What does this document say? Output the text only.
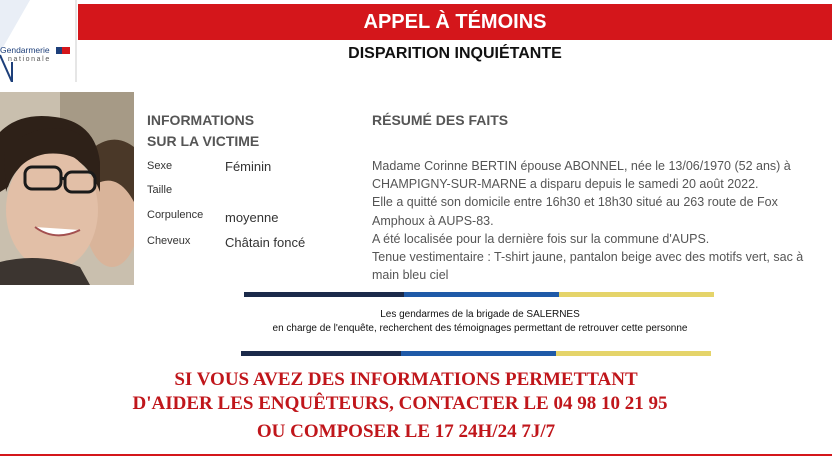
Gendarmerie
nationale
APPEL À TÉMOINS
DISPARITION INQUIÉTANTE
INFORMATIONS
SUR LA VICTIME
Sexe	Féminin
Taille
Corpulence moyenne
Cheveux	Châtain foncé
RÉSUMÉ DES FAITS
Madame Corinne BERTIN épouse ABONNEL, née le 13/06/1970 (52 ans) à
CHAMPIGNY-SUR-MARNE a disparu depuis le samedi 20 août 2022.
Elle a quitté son domicile entre 16h30 et 18h30 situé au 263 route de Fox
Amphoux à AUPS-83.
A été localisée pour la dernière fois sur la commune d'AUPS.
Tenue vestimentaire : T-shirt jaune, pantalon beige avec des motifs vert, sac à
main bleu ciel
Les gendarmes de la brigade de SALERNES
en charge de l'enquête, recherchent des témoignages permettant de retrouver cette personne
SI VOUS AVEZ DES INFORMATIONS PERMETTANT
D'AIDER LES ENQUÊTEURS, CONTACTER LE 04 98 10 21 95
OU COMPOSER LE 17 24H/24 7J/7
